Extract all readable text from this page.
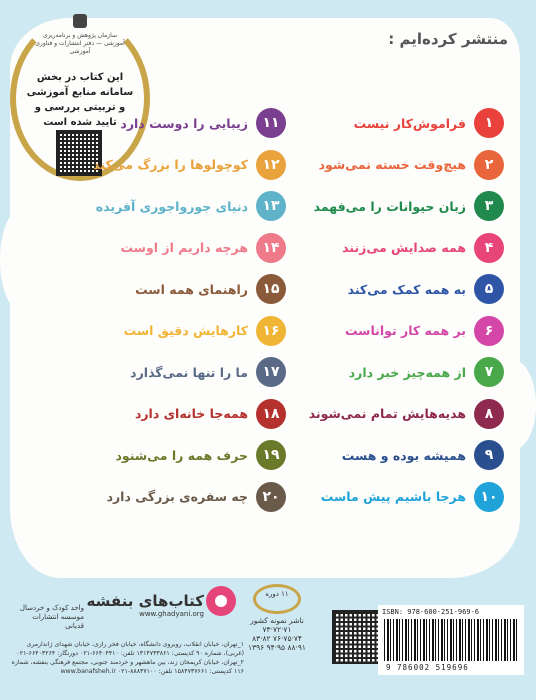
منتشر کرده‌ایم :
سازمان پژوهش و برنامه‌ریزی آموزشی — دفتر انتشارات و فناوری آموزشی
این کتاب در بخش سامانه منابع آموزشی و تربیتی بررسی و تایید شده است	۱
فراموش‌کار نیست
۲
هیچ‌وقت خسته نمی‌شود
۳
زبان حیوانات را می‌فهمد
۴
همه صدایش می‌زنند
۵
به همه کمک می‌کند
۶
بر همه کار تواناست
۷
از همه‌چیز خبر دارد
۸
هدیه‌هایش تمام نمی‌شوند
۹
همیشه بوده و هست
۱۰
هرجا باشیم پیش ماست
۱۱
زیبایی را دوست دارد
۱۲
کوچولوها را بزرگ می‌کند
۱۳
دنیای جورواجوری آفریده
۱۴
هرچه داریم از اوست
۱۵
راهنمای همه است
۱۶
کارهایش دقیق است
۱۷
ما را تنها نمی‌گذارد
۱۸
همه‌جا خانه‌ای دارد
۱۹
حرف همه را می‌شنود
۲۰
چه سفره‌ی بزرگی دارد
واحد کودک و خردسال
موسسه انتشارات قدیانی
کتاب‌های بنفشه
www.ghadyani.org
۱_تهران، خیابان انقلاب، روبروی دانشگاه، خیابان فخر رازی، خیابان شهدای ژاندارمری (غربی)، شماره ۹۰ کدپستی: ۱۳۱۴۷۳۳۸۶۱ تلفن: ۶۶۴۰۴۴۱۰-۰۲۱ دورنگار: ۶۶۴۰۳۲۶۴-۰۲۱
۲_تهران، خیابان کریمخان زند، بین ماهشهر و خردمند جنوبی، مجتمع فرهنگی بنفشه، شماره ۱۱۶ کدپستی: ۱۵۸۴۷۳۷۶۶۱ تلفن: ۸۸۸۳۷۱۰۰-۰۲۱ www.banafsheh.ir
۱۱ دوره
ناشر نمونه کشور
۷۱·۷۲·۷۳ ۷۴·۷۵·۷۶ ۸۲·۸۳ ۹۱·۸۸ ۹۵·۹۴ ۱۳۹۶
ISBN: 978-600-251-969-6
9 786002 519696
